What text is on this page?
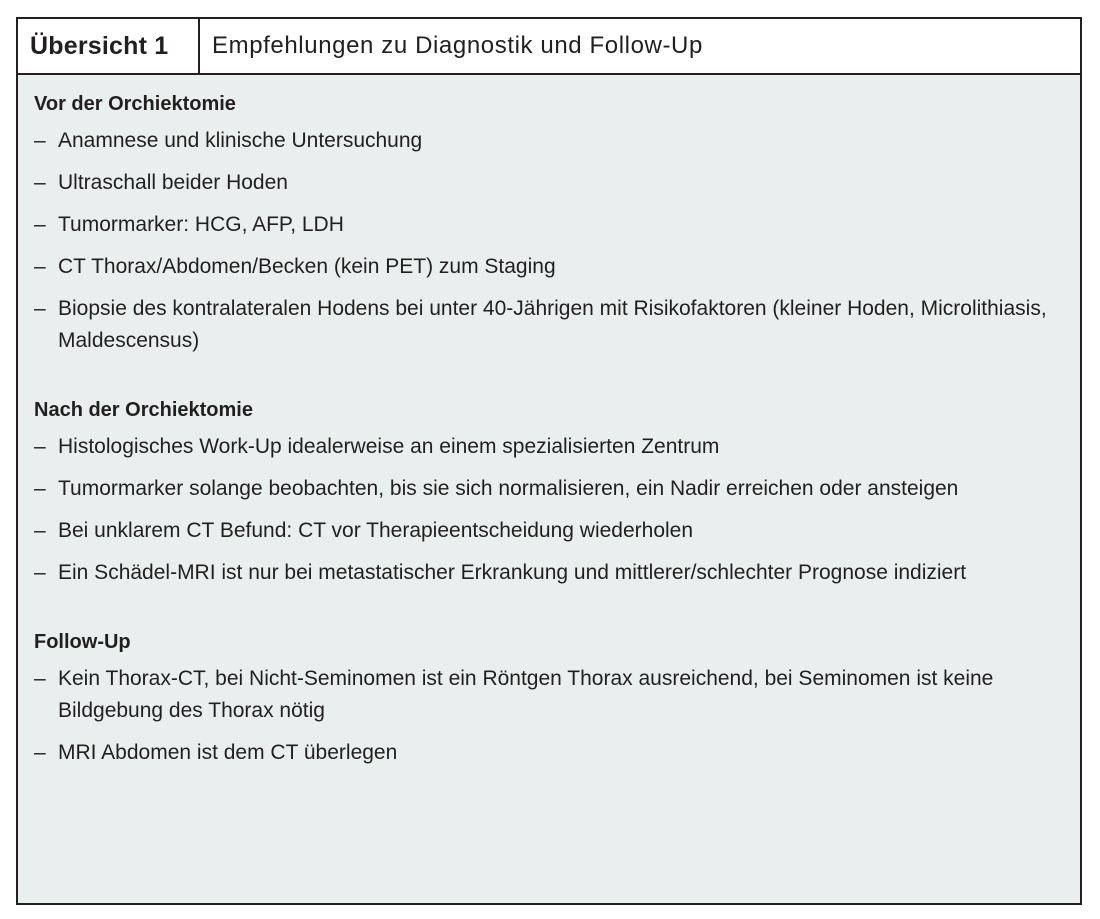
Übersicht 1	Empfehlungen zu Diagnostik und Follow-Up
Vor der Orchiektomie
– Anamnese und klinische Untersuchung
– Ultraschall beider Hoden
– Tumormarker: HCG, AFP, LDH
– CT Thorax/Abdomen/Becken (kein PET) zum Staging
– Biopsie des kontralateralen Hodens bei unter 40-Jährigen mit Risikofaktoren (kleiner Hoden, Microlithiasis, Maldescensus)
Nach der Orchiektomie
– Histologisches Work-Up idealerweise an einem spezialisierten Zentrum
– Tumormarker solange beobachten, bis sie sich normalisieren, ein Nadir erreichen oder ansteigen
– Bei unklarem CT Befund: CT vor Therapieentscheidung wiederholen
– Ein Schädel-MRI ist nur bei metastatischer Erkrankung und mittlerer/schlechter Prognose indiziert
Follow-Up
– Kein Thorax-CT, bei Nicht-Seminomen ist ein Röntgen Thorax ausreichend, bei Seminomen ist keine Bildgebung des Thorax nötig
– MRI Abdomen ist dem CT überlegen
